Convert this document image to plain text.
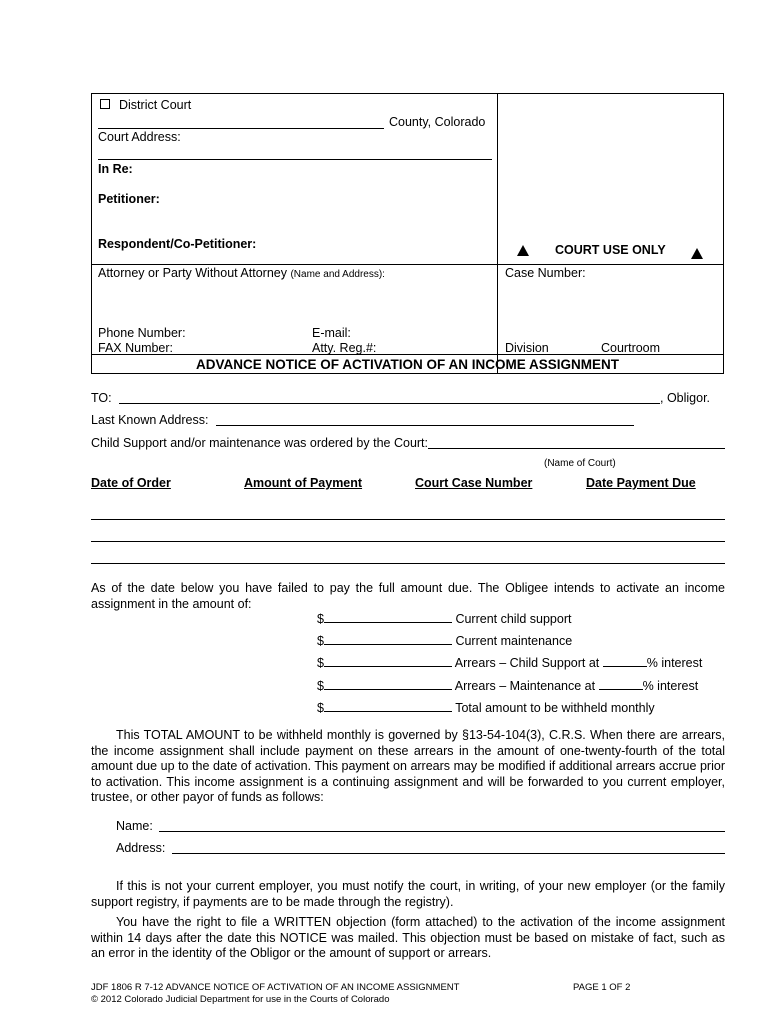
District Court
County, Colorado
Court Address:
In Re:
Petitioner:
Respondent/Co-Petitioner:	COURT USE ONLY
Attorney or Party Without Attorney (Name and Address):	Case Number:
Phone Number:	E-mail:
FAX Number:	Atty. Reg.#:	Division	Courtroom
ADVANCE NOTICE OF ACTIVATION OF AN INCOME ASSIGNMENT
TO:	, Obligor.
Last Known Address:
Child Support and/or maintenance was ordered by the Court:
(Name of Court)
Date of Order	Amount of Payment	Court Case Number	Date Payment Due
As of the date below you have failed to pay the full amount due. The Obligee intends to activate an income assignment in the amount of:
$	Current child support
$	Current maintenance
$	Arrears – Child Support at	% interest
$	Arrears – Maintenance at	% interest
$	Total amount to be withheld monthly
This TOTAL AMOUNT to be withheld monthly is governed by §13-54-104(3), C.R.S. When there are arrears, the income assignment shall include payment on these arrears in the amount of one-twenty-fourth of the total amount due up to the date of activation. This payment on arrears may be modified if additional arrears accrue prior to activation. This income assignment is a continuing assignment and will be forwarded to you current employer, trustee, or other payor of funds as follows:
Name:
Address:
If this is not your current employer, you must notify the court, in writing, of your new employer (or the family support registry, if payments are to be made through the registry).
You have the right to file a WRITTEN objection (form attached) to the activation of the income assignment within 14 days after the date this NOTICE was mailed. This objection must be based on mistake of fact, such as an error in the identity of the Obligor or the amount of support or arrears.
JDF 1806 R 7-12 ADVANCE NOTICE OF ACTIVATION OF AN INCOME ASSIGNMENT	PAGE 1 OF 2
© 2012 Colorado Judicial Department for use in the Courts of Colorado
